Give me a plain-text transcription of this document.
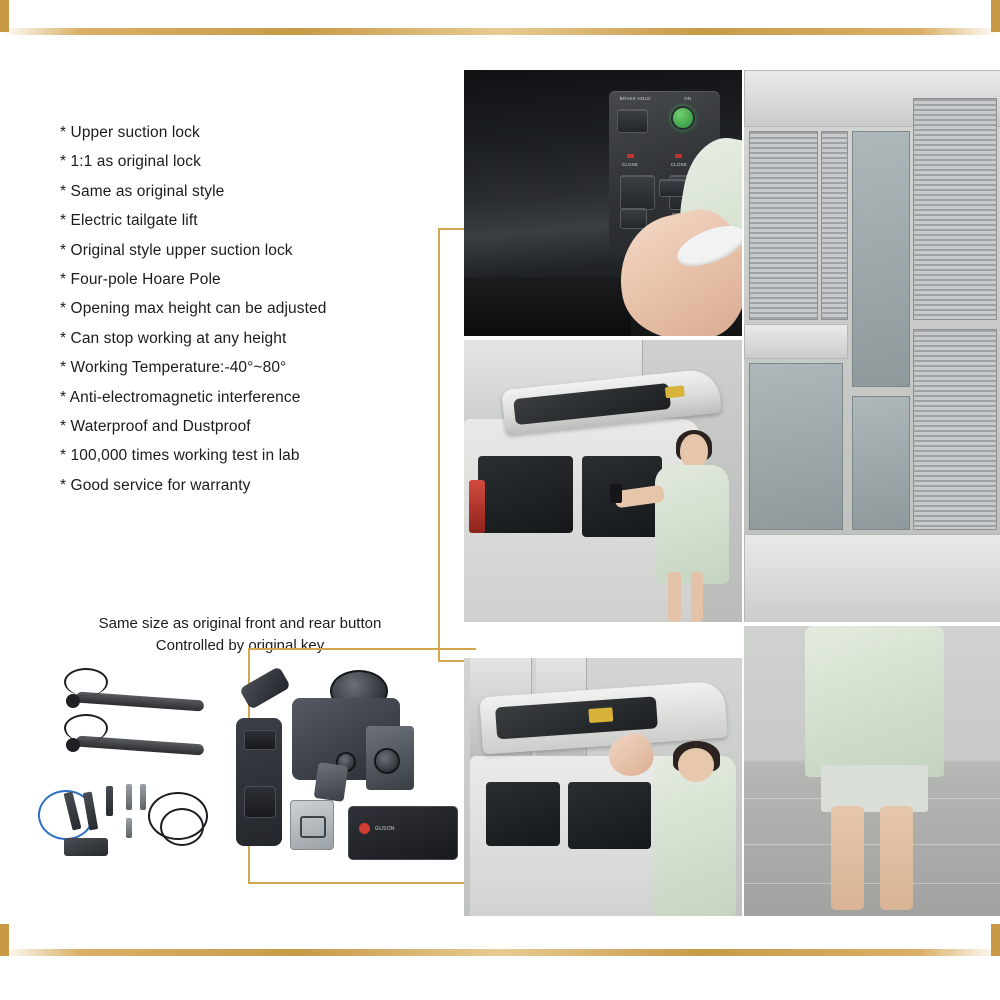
* Upper suction lock
* 1:1 as original lock
* Same as original style
* Electric tailgate lift
* Original style upper suction lock
* Four-pole Hoare Pole
* Opening max height can be adjusted
* Can stop working at any height
* Working Temperature:-40°~80°
* Anti-electromagnetic interference
* Waterproof and Dustproof
* 100,000 times working test in lab
* Good service for warranty
Same size as original front and rear button
Controlled by original key
BRAKE HOLD	ON
CLOSE	CLOSE
GUSON
